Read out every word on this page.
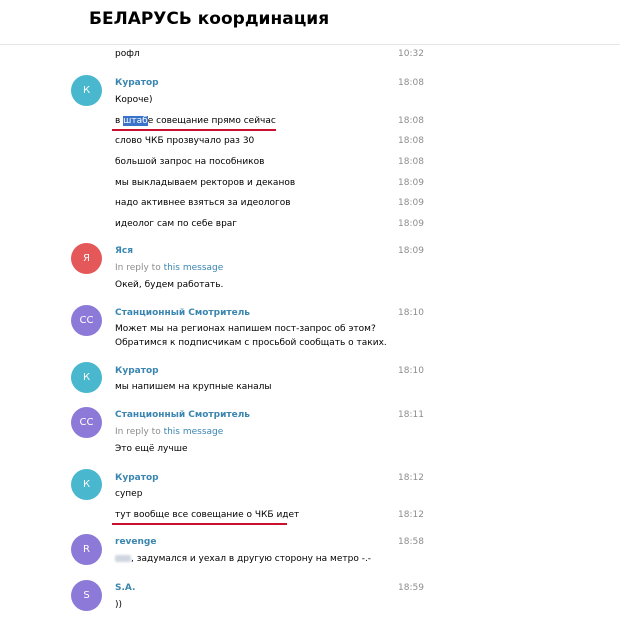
БЕЛАРУСЬ координация
рофл	10:32
К
Куратор	18:08
Короче)
в штабе совещание прямо сейчас	18:08
слово ЧКБ прозвучало раз 30	18:08
большой запрос на пособников	18:08
мы выкладываем ректоров и деканов	18:09
надо активнее взяться за идеологов	18:09
идеолог сам по себе враг	18:09
Я
Яся	18:09
In reply to this message
Окей, будем работать.
СС
Станционный Смотритель	18:10
Может мы на регионах напишем пост-запрос об этом?
Обратимся к подписчикам с просьбой сообщать о таких.
К
Куратор	18:10
мы напишем на крупные каналы
СС
Станционный Смотритель	18:11
In reply to this message
Это ещё лучше
К
Куратор	18:12
супер
тут вообще все совещание о ЧКБ идет	18:12
R
revenge	18:58
, задумался и уехал в другую сторону на метро -.-
S
S.A.	18:59
))
